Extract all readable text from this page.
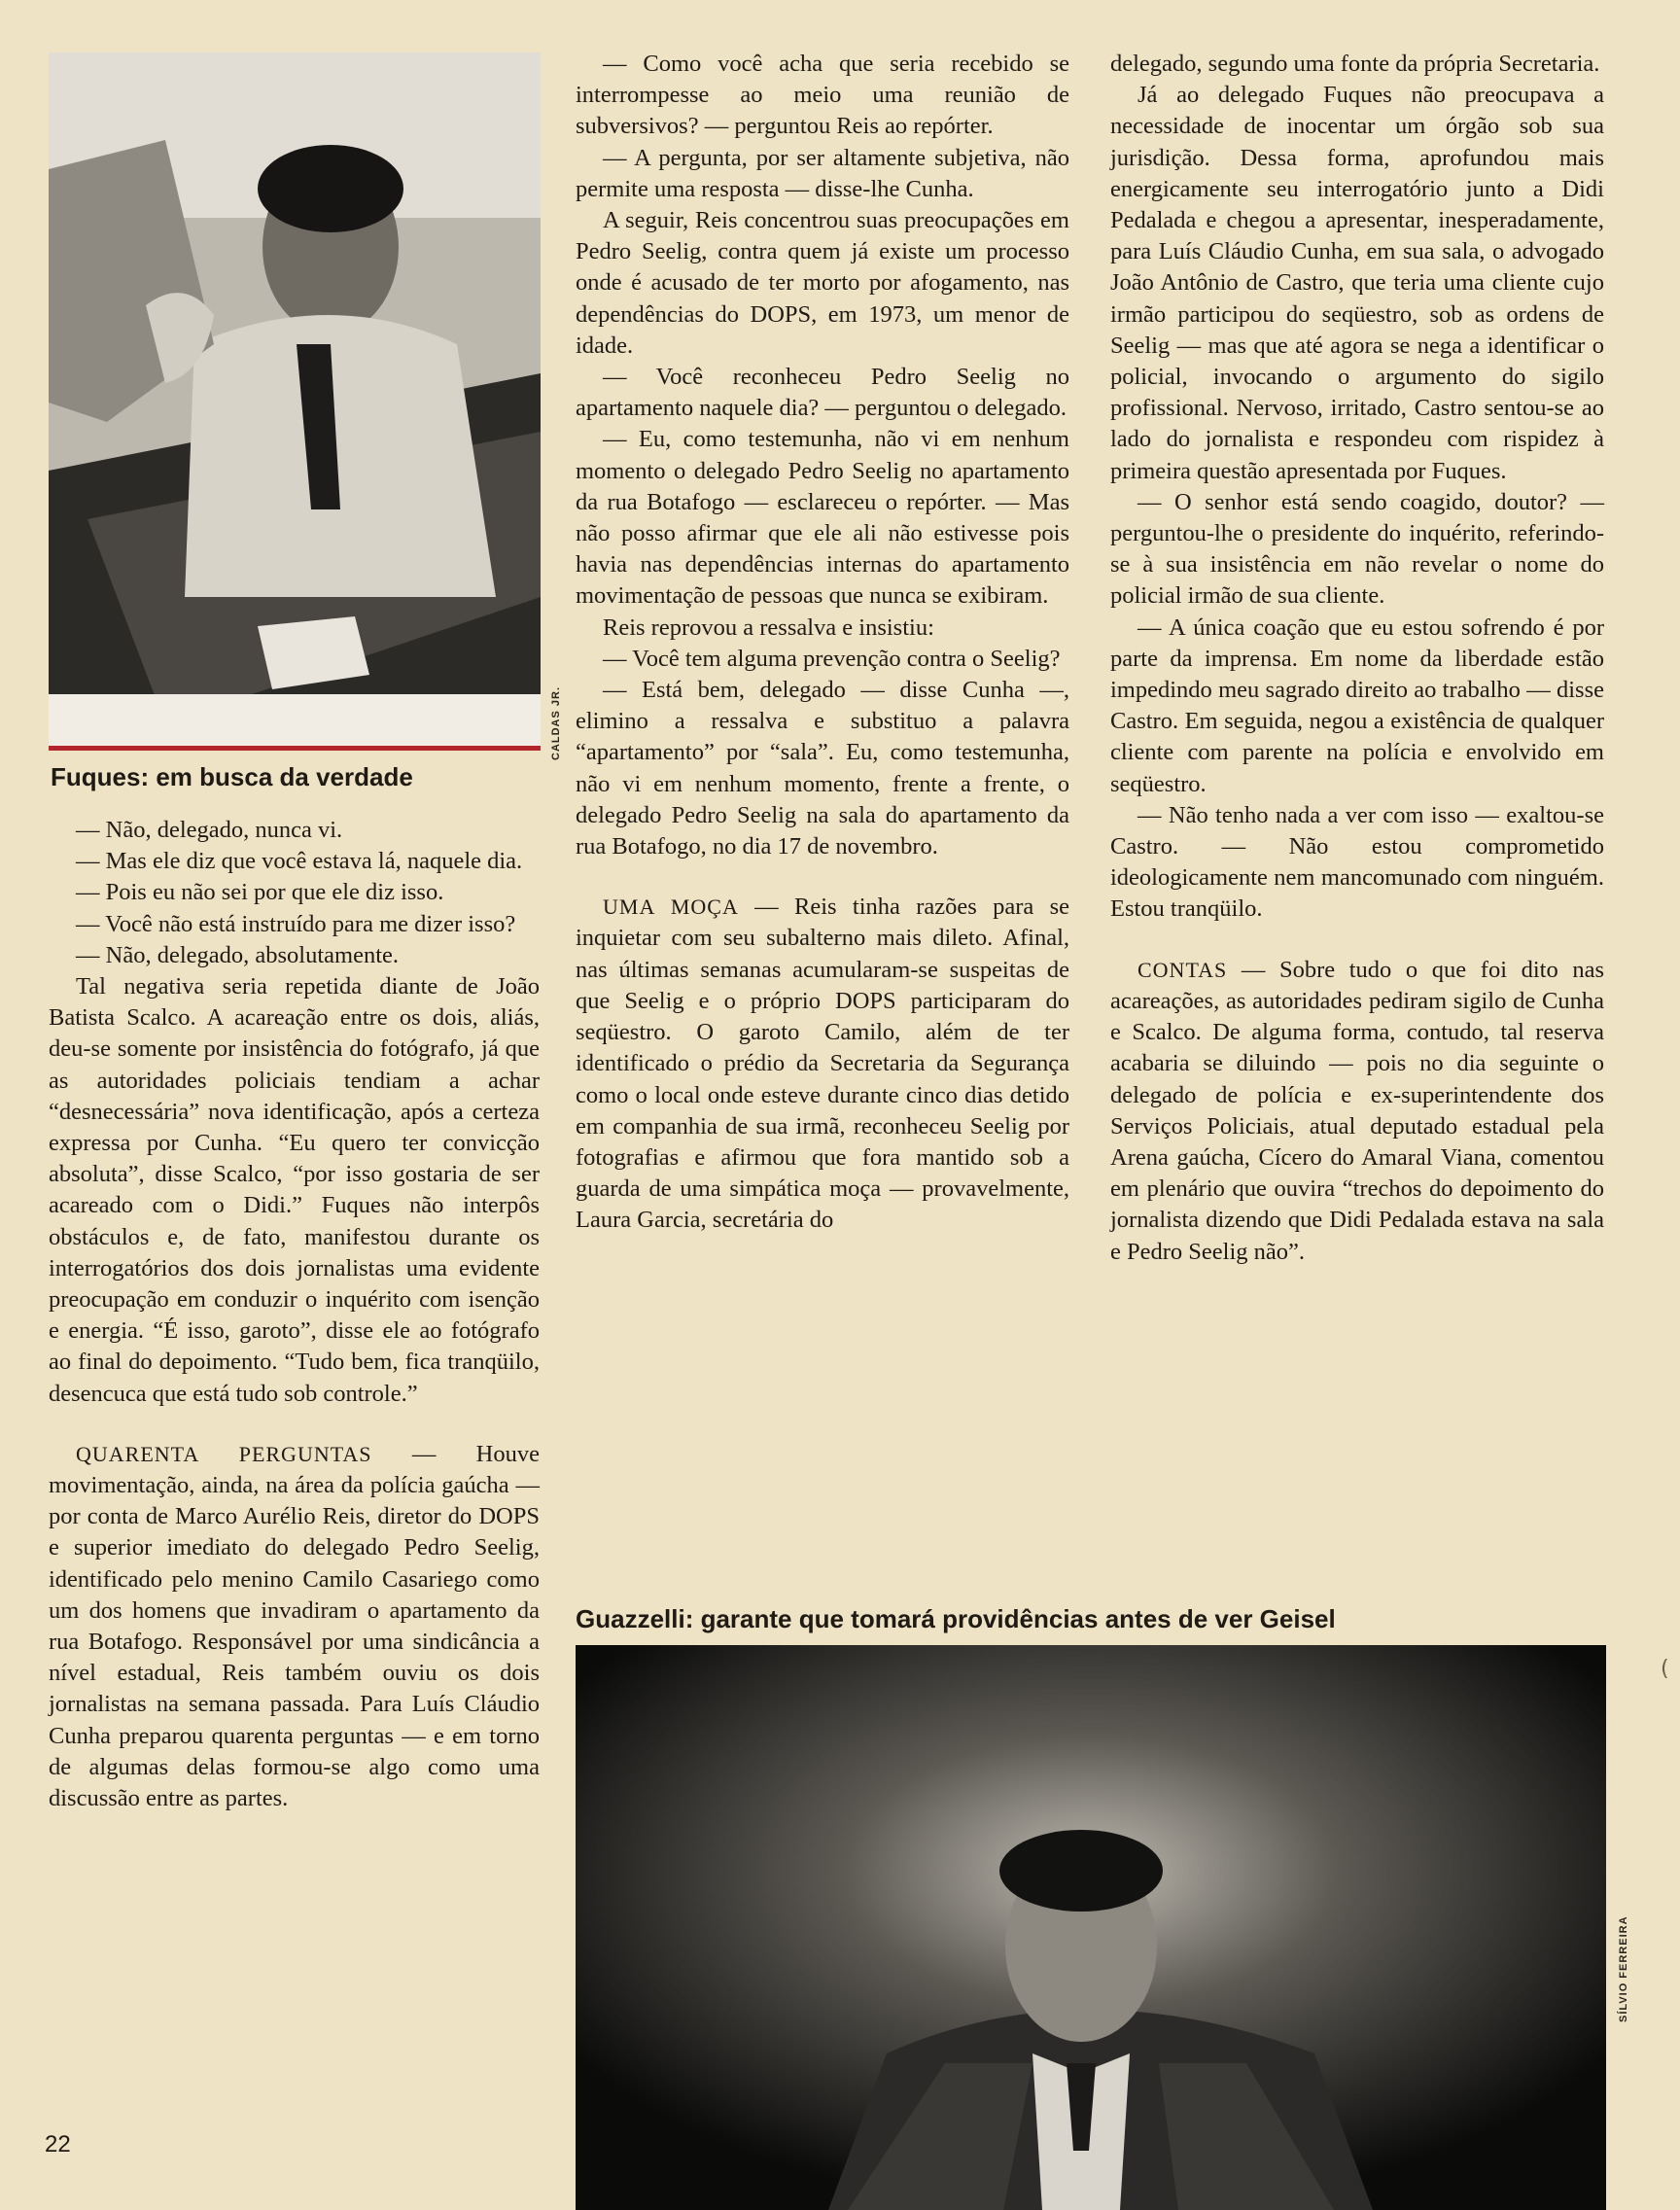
CALDAS JR.
Fuques: em busca da verdade

— Não, delegado, nunca vi.

— Mas ele diz que você estava lá, naquele dia.

— Pois eu não sei por que ele diz isso.

— Você não está instruído para me dizer isso?

— Não, delegado, absolutamente.

Tal negativa seria repetida diante de João Batista Scalco. A acareação entre os dois, aliás, deu-se somente por insistência do fotógrafo, já que as autoridades policiais tendiam a achar “desnecessária” nova identificação, após a certeza expressa por Cunha. “Eu quero ter convicção absoluta”, disse Scalco, “por isso gostaria de ser acareado com o Didi.” Fuques não interpôs obstáculos e, de fato, manifestou durante os interrogatórios dos dois jornalistas uma evidente preocupação em conduzir o inquérito com isenção e energia. “É isso, garoto”, disse ele ao fotógrafo ao final do depoimento. “Tudo bem, fica tranqüilo, desencuca que está tudo sob controle.”

QUARENTA PERGUNTAS — Houve movimentação, ainda, na área da polícia gaúcha — por conta de Marco Aurélio Reis, diretor do DOPS e superior imediato do delegado Pedro Seelig, identificado pelo menino Camilo Casariego como um dos homens que invadiram o apartamento da rua Botafogo. Responsável por uma sindicância a nível estadual, Reis também ouviu os dois jornalistas na semana passada. Para Luís Cláudio Cunha preparou quarenta perguntas — e em torno de algumas delas formou-se algo como uma discussão entre as partes.

— Como você acha que seria recebido se interrompesse ao meio uma reunião de subversivos? — perguntou Reis ao repórter.

— A pergunta, por ser altamente subjetiva, não permite uma resposta — disse-lhe Cunha.

A seguir, Reis concentrou suas preocupações em Pedro Seelig, contra quem já existe um processo onde é acusado de ter morto por afogamento, nas dependências do DOPS, em 1973, um menor de idade.

— Você reconheceu Pedro Seelig no apartamento naquele dia? — perguntou o delegado.

— Eu, como testemunha, não vi em nenhum momento o delegado Pedro Seelig no apartamento da rua Botafogo — esclareceu o repórter. — Mas não posso afirmar que ele ali não estivesse pois havia nas dependências internas do apartamento movimentação de pessoas que nunca se exibiram.

Reis reprovou a ressalva e insistiu:

— Você tem alguma prevenção contra o Seelig?

— Está bem, delegado — disse Cunha —, elimino a ressalva e substituo a palavra “apartamento” por “sala”. Eu, como testemunha, não vi em nenhum momento, frente a frente, o delegado Pedro Seelig na sala do apartamento da rua Botafogo, no dia 17 de novembro.

UMA MOÇA — Reis tinha razões para se inquietar com seu subalterno mais dileto. Afinal, nas últimas semanas acumularam-se suspeitas de que Seelig e o próprio DOPS participaram do seqüestro. O garoto Camilo, além de ter identificado o prédio da Secretaria da Segurança como o local onde esteve durante cinco dias detido em companhia de sua irmã, reconheceu Seelig por fotografias e afirmou que fora mantido sob a guarda de uma simpática moça — provavelmente, Laura Garcia, secretária do

delegado, segundo uma fonte da própria Secretaria.

Já ao delegado Fuques não preocupava a necessidade de inocentar um órgão sob sua jurisdição. Dessa forma, aprofundou mais energicamente seu interrogatório junto a Didi Pedalada e chegou a apresentar, inesperadamente, para Luís Cláudio Cunha, em sua sala, o advogado João Antônio de Castro, que teria uma cliente cujo irmão participou do seqüestro, sob as ordens de Seelig — mas que até agora se nega a identificar o policial, invocando o argumento do sigilo profissional. Nervoso, irritado, Castro sentou-se ao lado do jornalista e respondeu com rispidez à primeira questão apresentada por Fuques.

— O senhor está sendo coagido, doutor? — perguntou-lhe o presidente do inquérito, referindo-se à sua insistência em não revelar o nome do policial irmão de sua cliente.

— A única coação que eu estou sofrendo é por parte da imprensa. Em nome da liberdade estão impedindo meu sagrado direito ao trabalho — disse Castro. Em seguida, negou a existência de qualquer cliente com parente na polícia e envolvido em seqüestro.

— Não tenho nada a ver com isso — exaltou-se Castro. — Não estou comprometido ideologicamente nem mancomunado com ninguém. Estou tranqüilo.

CONTAS — Sobre tudo o que foi dito nas acareações, as autoridades pediram sigilo de Cunha e Scalco. De alguma forma, contudo, tal reserva acabaria se diluindo — pois no dia seguinte o delegado de polícia e ex-superintendente dos Serviços Policiais, atual deputado estadual pela Arena gaúcha, Cícero do Amaral Viana, comentou em plenário que ouvira “trechos do depoimento do jornalista dizendo que Didi Pedalada estava na sala e Pedro Seelig não”.

Guazzelli: garante que tomará providências antes de ver Geisel
SÍLVIO FERREIRA
(
22
